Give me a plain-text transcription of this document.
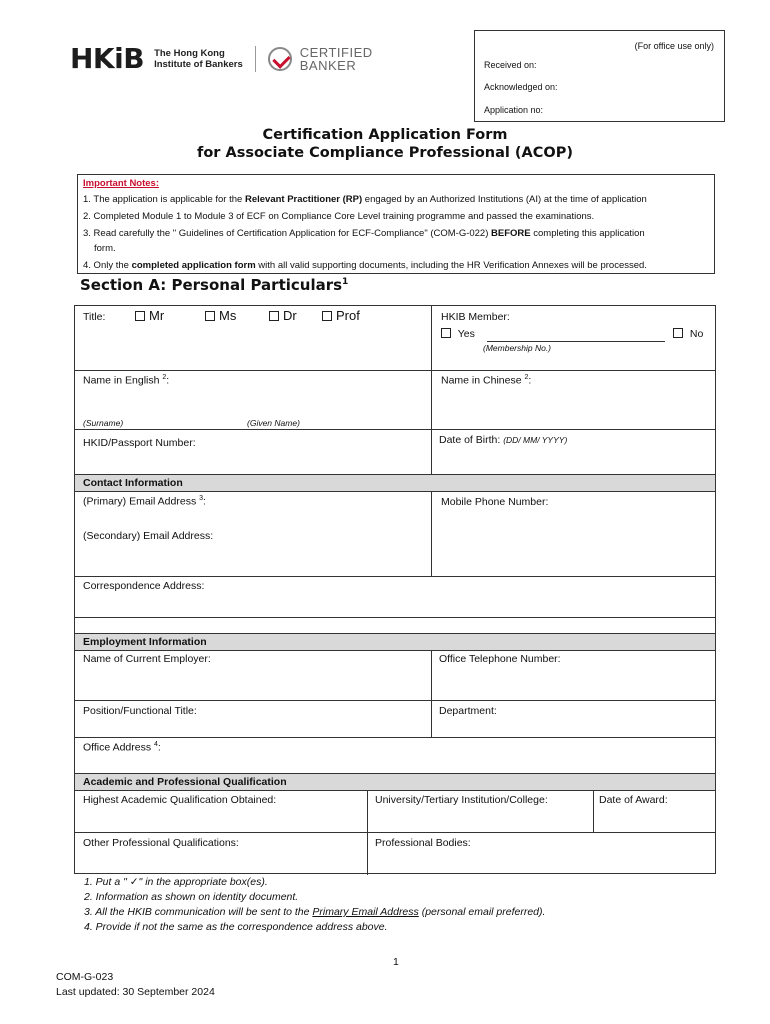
HKiB The Hong Kong
Institute of Bankers
CERTIFIED
BANKER
(For office use only)
Received on:
Acknowledged on:
Application no:
Certification Application Form
for Associate Compliance Professional (ACOP)
Important Notes:
1. The application is applicable for the Relevant Practitioner (RP) engaged by an Authorized Institutions (AI) at the time of application
2. Completed Module 1 to Module 3 of ECF on Compliance Core Level training programme and passed the examinations.
3. Read carefully the " Guidelines of Certification Application for ECF-Compliance" (COM-G-022) BEFORE completing this application
form.
4. Only the completed application form with all valid supporting documents, including the HR Verification Annexes will be processed.
Section A: Personal Particulars$^1$
Title:	Mr	Ms	Dr	Prof	HKIB Member:
Yes	No
(Membership No.)
Name in English $^2$:	Name in Chinese $^2$:
(Surname)	(Given Name)
HKID/Passport Number:	Date of Birth: (DD/ MM/ YYYY)
Contact Information
(Primary) Email Address $^3$:	Mobile Phone Number:
(Secondary) Email Address:
Correspondence Address:
Employment Information
Name of Current Employer:	Office Telephone Number:
Position/Functional Title:	Department:
Office Address $^4$:
Academic and Professional Qualification
Highest Academic Qualification Obtained:	University/Tertiary Institution/College:	Date of Award:
Other Professional Qualifications:	Professional Bodies:
1. Put a " ✓" in the appropriate box(es).
2. Information as shown on identity document.
3. All the HKIB communication will be sent to the Primary Email Address (personal email preferred).
4. Provide if not the same as the correspondence address above.
1
COM-G-023
Last updated: 30 September 2024
